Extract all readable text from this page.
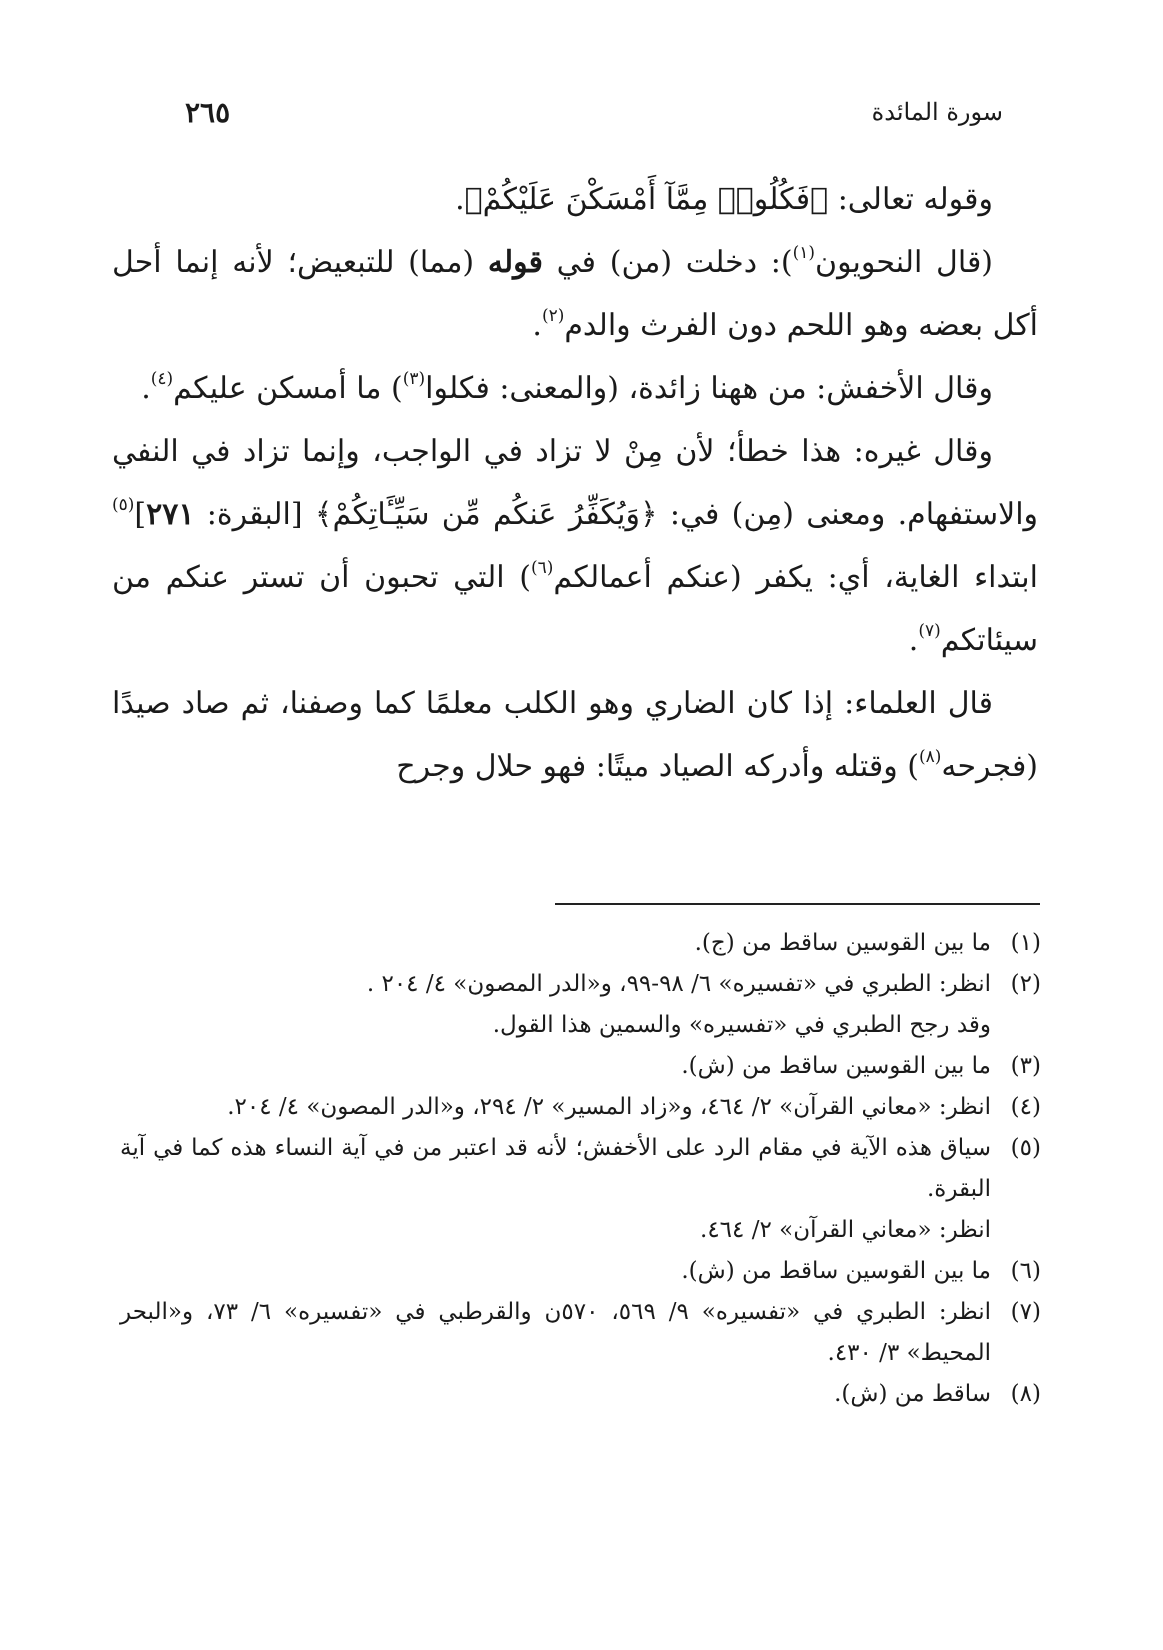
سورة المائدة
٢٦٥

وقوله تعالى: ﴿فَكُلُوا۟ مِمَّآ أَمْسَكْنَ عَلَيْكُمْ﴾.

(قال النحويون$^{(١)}$): دخلت (من) في قوله (مما) للتبعيض؛ لأنه إنما أحل أكل بعضه وهو اللحم دون الفرث والدم$^{(٢)}$.

وقال الأخفش: من ههنا زائدة، (والمعنى: فكلوا$^{(٣)}$) ما أمسكن عليكم$^{(٤)}$.

وقال غيره: هذا خطأ؛ لأن مِنْ لا تزاد في الواجب، وإنما تزاد في النفي والاستفهام. ومعنى (مِن) في: ﴿وَيُكَفِّرُ عَنكُم مِّن سَيِّـَٔاتِكُمْ﴾ [البقرة: ٢٧١]$^{(٥)}$ ابتداء الغاية، أي: يكفر (عنكم أعمالكم$^{(٦)}$) التي تحبون أن تستر عنكم من سيئاتكم$^{(٧)}$.

قال العلماء: إذا كان الضاري وهو الكلب معلمًا كما وصفنا، ثم صاد صيدًا (فجرحه$^{(٨)}$) وقتله وأدركه الصياد ميتًا: فهو حلال وجرح

(١)
ما بين القوسين ساقط من (ج).
(٢)
انظر: الطبري في «تفسيره» ٦/ ٩٨-٩٩، و«الدر المصون» ٤/ ٢٠٤ .
وقد رجح الطبري في «تفسيره» والسمين هذا القول.
(٣)
ما بين القوسين ساقط من (ش).
(٤)
انظر: «معاني القرآن» ٢/ ٤٦٤، و«زاد المسير» ٢/ ٢٩٤، و«الدر المصون» ٤/ ٢٠٤.
(٥)
سياق هذه الآية في مقام الرد على الأخفش؛ لأنه قد اعتبر من في آية النساء هذه كما في آية البقرة.
انظر: «معاني القرآن» ٢/ ٤٦٤.
(٦)
ما بين القوسين ساقط من (ش).
(٧)
انظر: الطبري في «تفسيره» ٩/ ٥٦٩، ٥٧٠ن والقرطبي في «تفسيره» ٦/ ٧٣، و«البحر المحيط» ٣/ ٤٣٠.
(٨)
ساقط من (ش).
